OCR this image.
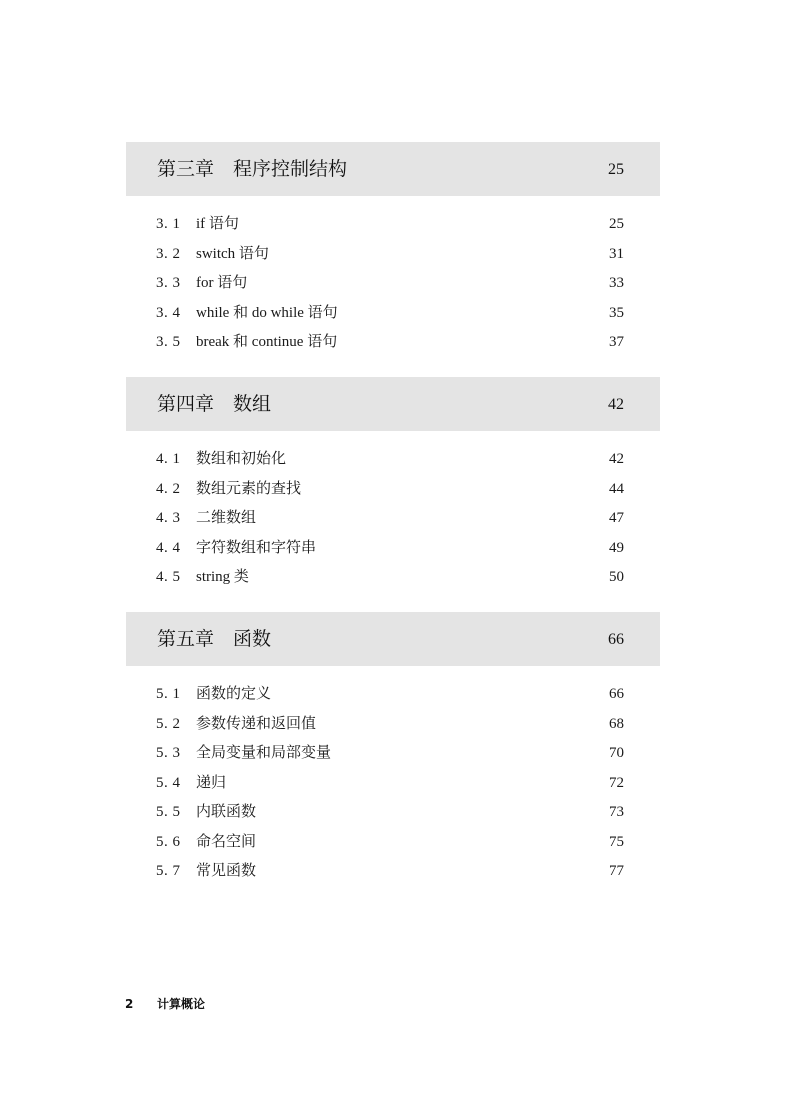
第三章　程序控制结构	25
3. 1 if 语句	25
3. 2 switch 语句	31
3. 3 for 语句	33
3. 4 while 和 do while 语句	35
3. 5 break 和 continue 语句	37
第四章　数组	42
4. 1 数组和初始化	42
4. 2 数组元素的查找	44
4. 3 二维数组	47
4. 4 字符数组和字符串	49
4. 5 string 类	50
第五章　函数	66
5. 1 函数的定义	66
5. 2 参数传递和返回值	68
5. 3 全局变量和局部变量	70
5. 4 递归	72
5. 5 内联函数	73
5. 6 命名空间	75
5. 7 常见函数	77
2 计算概论
